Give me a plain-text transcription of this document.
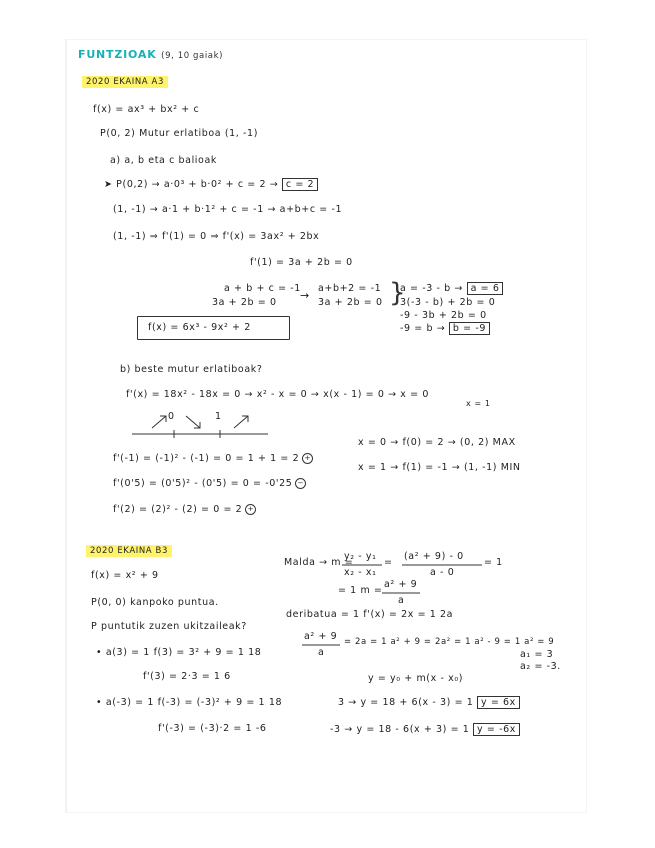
FUNTZIOAK (9, 10 gaiak)
2020 EKAINA A3
f(x) = ax³ + bx² + c
P(0, 2) Mutur erlatiboa (1, -1)
a) a, b eta c balioak
➤ P(0,2) → a·0³ + b·0² + c = 2 → c = 2
(1, -1) → a·1 + b·1² + c = -1 → a+b+c = -1
(1, -1) ⇒ f'(1) = 0 ⇒ f'(x) = 3ax² + 2bx
f'(1) = 3a + 2b = 0
a + b + c = -1
3a + 2b = 0
→
a+b+2 = -1
3a + 2b = 0 }
a = -3 - b → a = 6
3(-3 - b) + 2b = 0
-9 - 3b + 2b = 0
-9 = b → b = -9
f(x) = 6x³ - 9x² + 2
b) beste mutur erlatiboak?
f'(x) = 18x² - 18x = 0 → x² - x = 0 → x(x - 1) = 0 → x = 0
x = 1
0	1
f'(-1) = (-1)² - (-1) = 0 = 1 + 1 = 2 +
f'(0'5) = (0'5)² - (0'5) = 0 = -0'25 −
f'(2) = (2)² - (2) = 0 = 2 +
x = 0 → f(0) = 2 → (0, 2) MAX
x = 1 → f(1) = -1 → (1, -1) MIN
2020 EKAINA B3
f(x) = x² + 9
P(0, 0) kanpoko puntua.
P puntutik zuzen ukitzaileak?
Malda → m =
y₂ - y₁
x₂ - x₁
=
(a² + 9) - 0
a - 0
= 1
= 1 m =
a² + 9
a
deribatua = 1 f'(x) = 2x = 1 2a
a² + 9
a
= 2a = 1 a² + 9 = 2a² = 1 a² - 9 = 1 a² = 9
a₁ = 3
a₂ = -3.
• a(3) = 1 f(3) = 3² + 9 = 1 18
f'(3) = 2·3 = 1 6
• a(-3) = 1 f(-3) = (-3)² + 9 = 1 18
f'(-3) = (-3)·2 = 1 -6
y = y₀ + m(x - x₀)
3 → y = 18 + 6(x - 3) = 1 y = 6x
-3 → y = 18 - 6(x + 3) = 1 y = -6x
